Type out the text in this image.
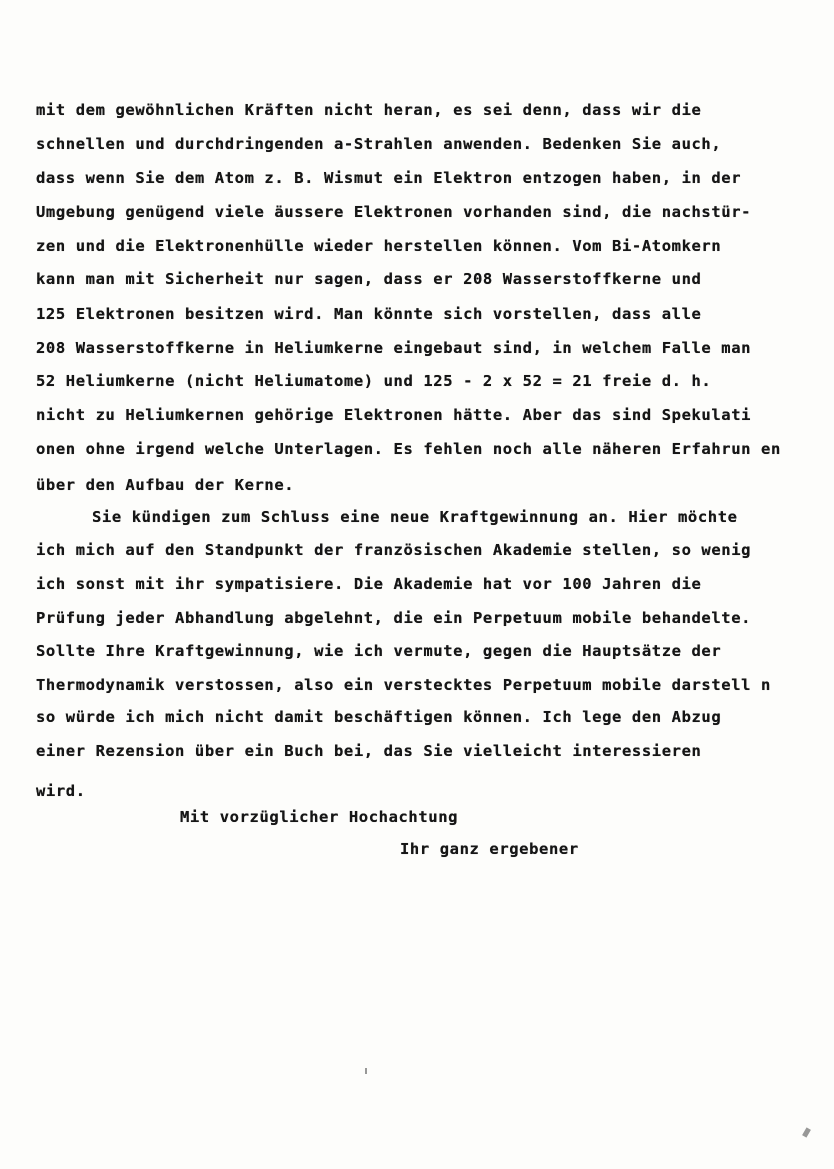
mit dem gewöhnlichen Kräften nicht heran, es sei denn, dass wir die
schnellen und durchdringenden a-Strahlen anwenden. Bedenken Sie auch,
dass wenn Sie dem Atom z. B. Wismut ein Elektron entzogen haben, in der
Umgebung genügend viele äussere Elektronen vorhanden sind, die nachstür-
zen und die Elektronenhülle wieder herstellen können. Vom Bi-Atomkern
kann man mit Sicherheit nur sagen, dass er 208 Wasserstoffkerne und
125 Elektronen besitzen wird. Man könnte sich vorstellen, dass alle
208 Wasserstoffkerne in Heliumkerne eingebaut sind, in welchem Falle man
52 Heliumkerne (nicht Heliumatome) und 125 - 2 x 52 = 21 freie d. h.
nicht zu Heliumkernen gehörige Elektronen hätte. Aber das sind Spekulati
onen ohne irgend welche Unterlagen. Es fehlen noch alle näheren Erfahrun en
über den Aufbau der Kerne.
Sie kündigen zum Schluss eine neue Kraftgewinnung an. Hier möchte
ich mich auf den Standpunkt der französischen Akademie stellen, so wenig
ich sonst mit ihr sympatisiere. Die Akademie hat vor 100 Jahren die
Prüfung jeder Abhandlung abgelehnt, die ein Perpetuum mobile behandelte.
Sollte Ihre Kraftgewinnung, wie ich vermute, gegen die Hauptsätze der
Thermodynamik verstossen, also ein verstecktes Perpetuum mobile darstell n
so würde ich mich nicht damit beschäftigen können. Ich lege den Abzug
einer Rezension über ein Buch bei, das Sie vielleicht interessieren
wird.
Mit vorzüglicher Hochachtung
Ihr ganz ergebener
